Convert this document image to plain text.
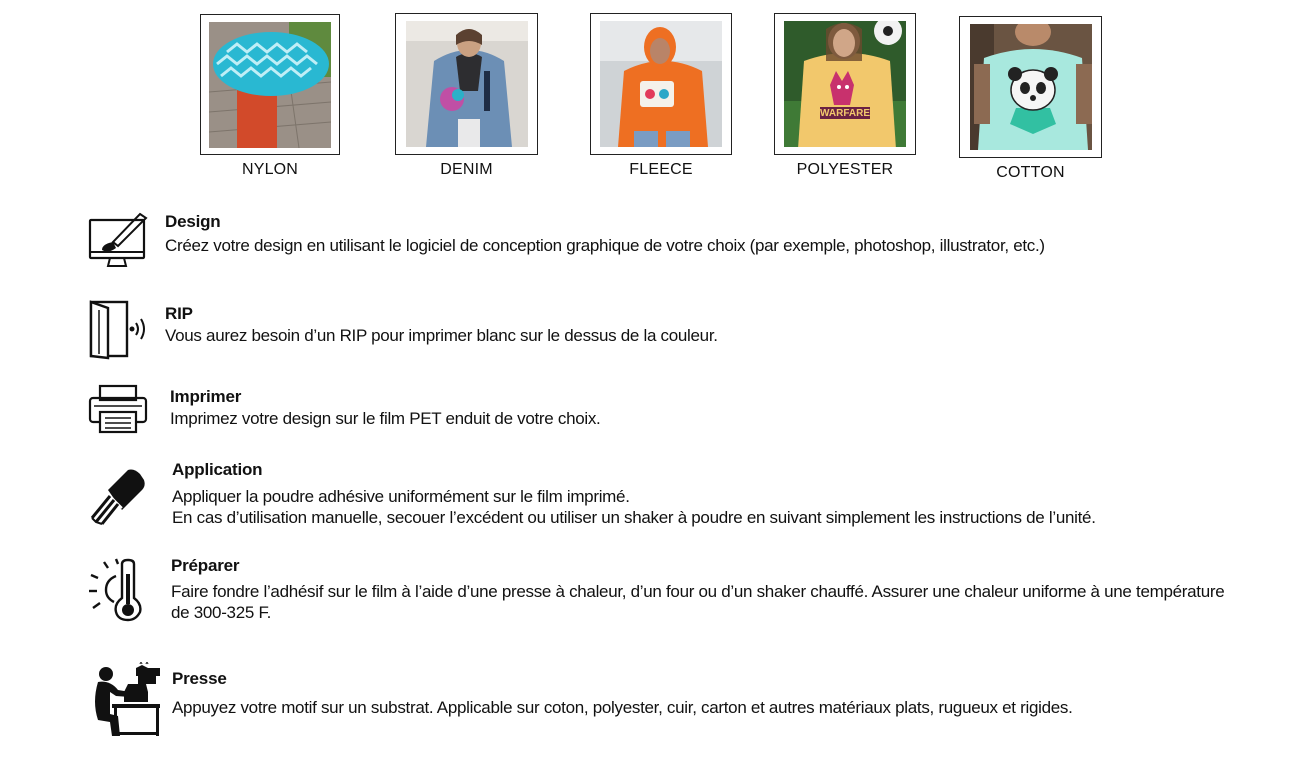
NYLON	DENIM	FLEECE
WARFARE
POLYESTER	COTTON
Design
Créez votre design en utilisant le logiciel de conception graphique de votre choix (par exemple, photoshop, illustrator, etc.)
RIP
Vous aurez besoin d’un RIP pour imprimer blanc sur le dessus de la couleur.
Imprimer
Imprimez votre design sur le film PET enduit de votre choix.
Application
Appliquer la poudre adhésive uniformément sur le film imprimé.
En cas d’utilisation manuelle, secouer l’excédent ou utiliser un shaker à poudre en suivant simplement les instructions de l’unité.
Préparer
Faire fondre l’adhésif sur le film à l’aide d’une presse à chaleur, d’un four ou d’un shaker chauffé. Assurer une chaleur uniforme à une température
de 300-325 F.
Presse
Appuyez votre motif sur un substrat. Applicable sur coton, polyester, cuir, carton et autres matériaux plats, rugueux et rigides.
